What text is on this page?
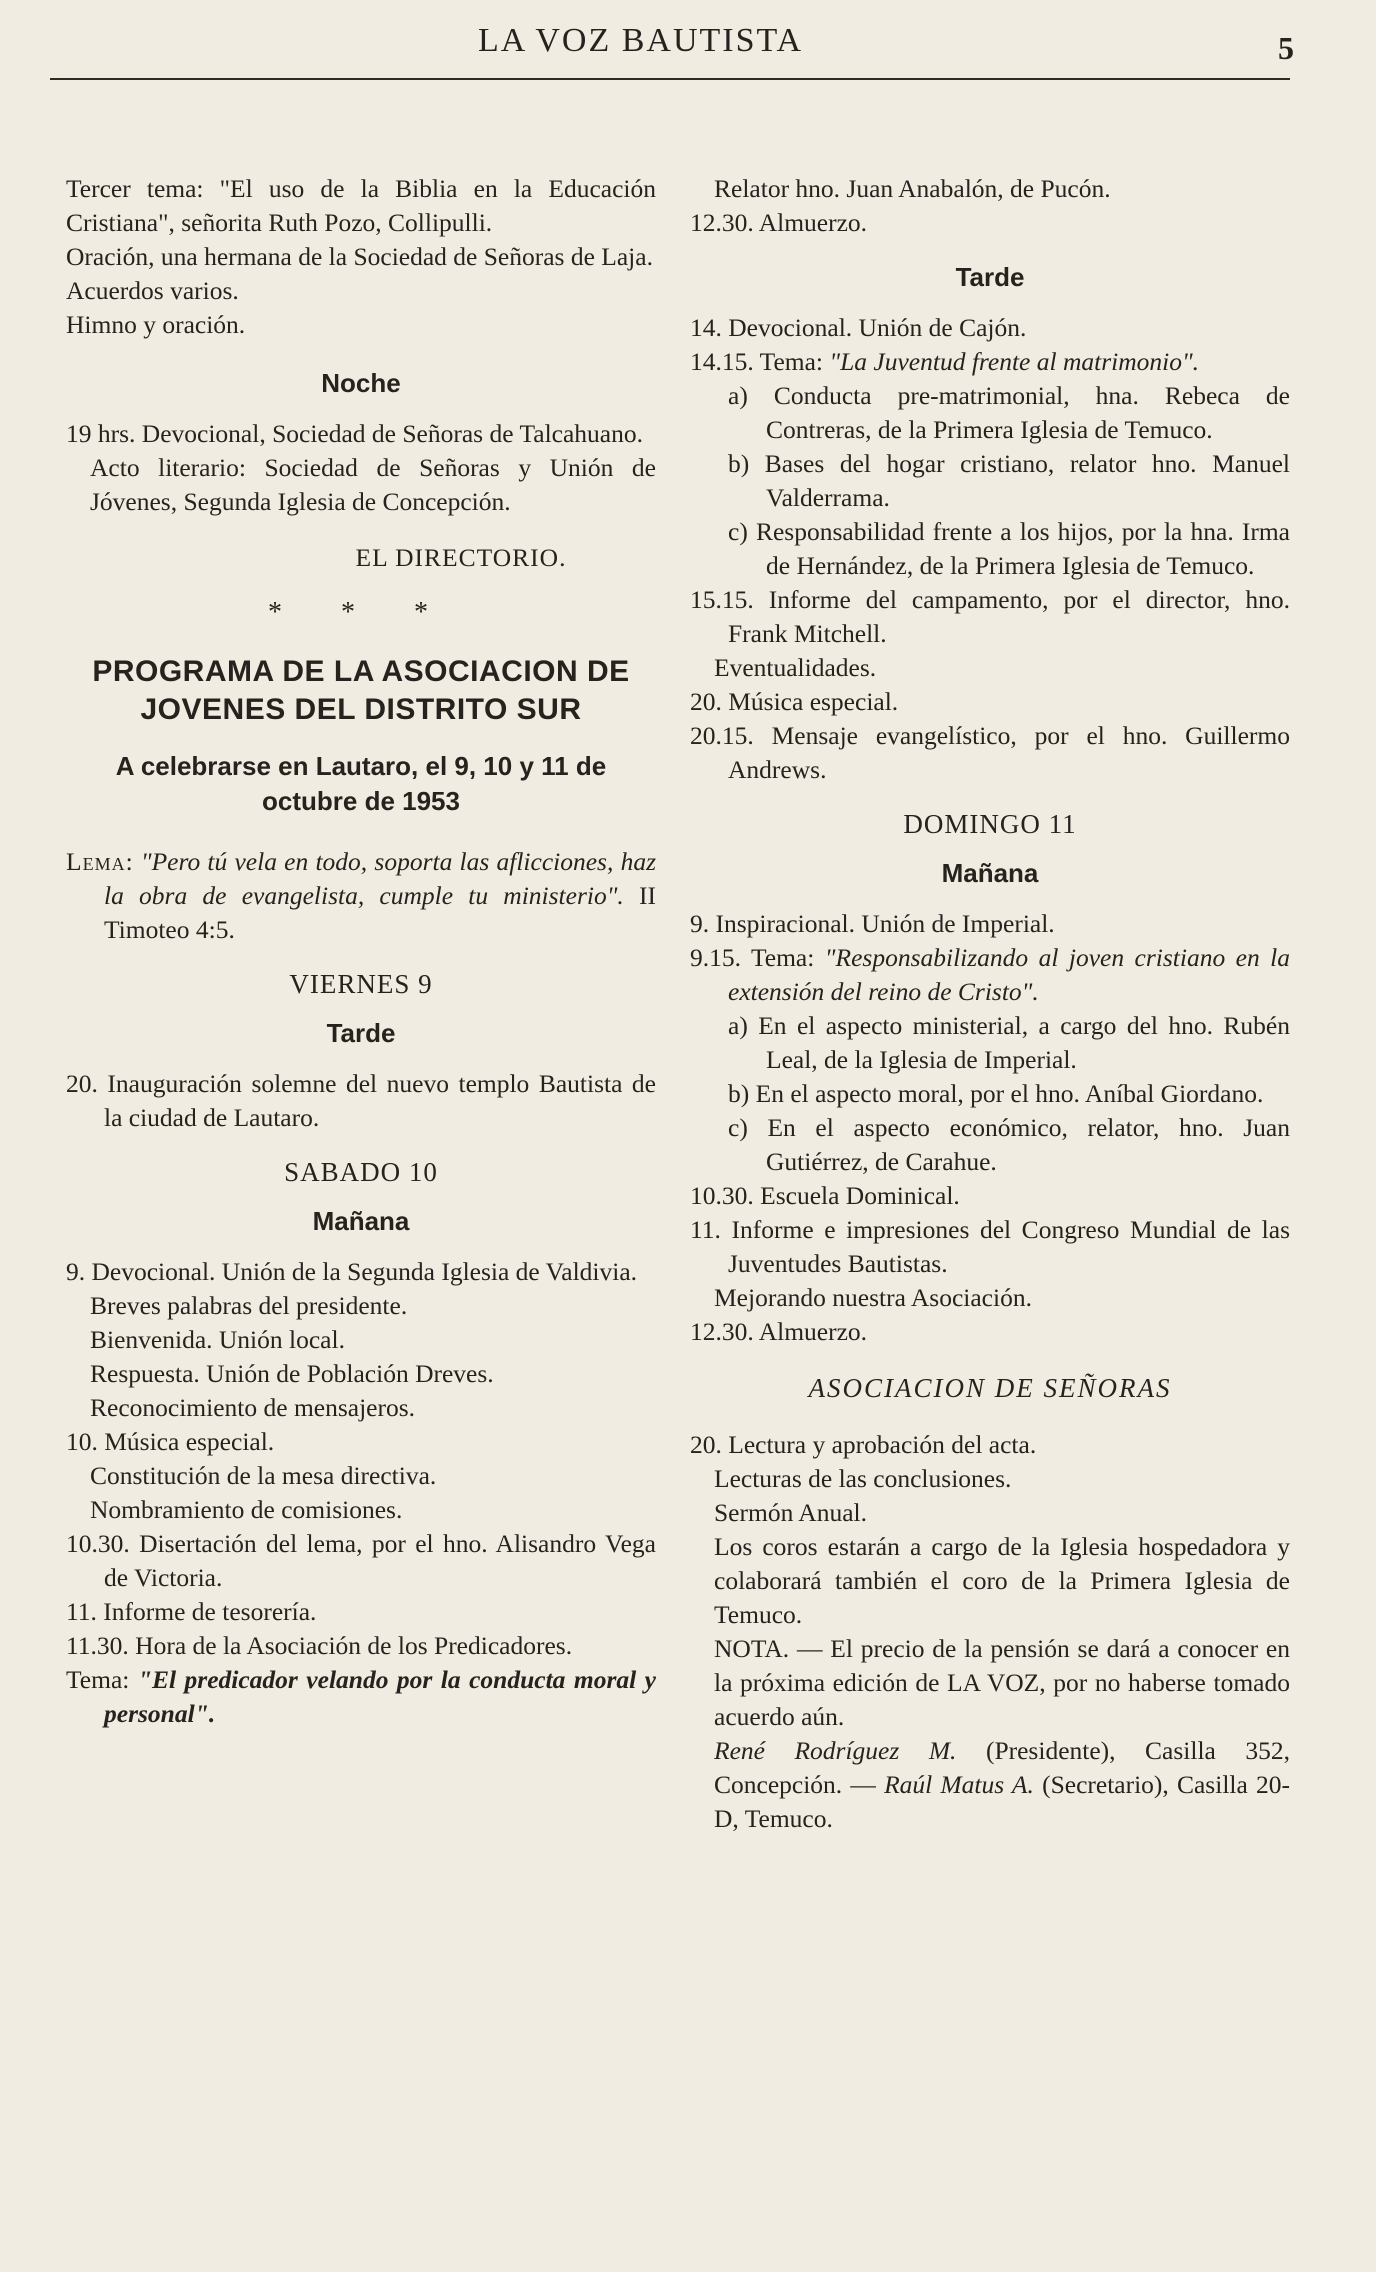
LA VOZ BAUTISTA	5

Tercer tema: "El uso de la Biblia en la Educación Cristiana", señorita Ruth Pozo, Collipulli.

Oración, una hermana de la Sociedad de Señoras de Laja.

Acuerdos varios.

Himno y oración.

Noche

19 hrs. Devocional, Sociedad de Señoras de Talcahuano.

Acto literario: Sociedad de Señoras y Unión de Jóvenes, Segunda Iglesia de Concepción.

EL DIRECTORIO.

* * *

PROGRAMA DE LA ASOCIACION DE JOVENES DEL DISTRITO SUR

A celebrarse en Lautaro, el 9, 10 y 11 de octubre de 1953

Lema: "Pero tú vela en todo, soporta las aflicciones, haz la obra de evangelista, cumple tu ministerio". II Timoteo 4:5.

VIERNES 9

Tarde

20. Inauguración solemne del nuevo templo Bautista de la ciudad de Lautaro.

SABADO 10

Mañana

9. Devocional. Unión de la Segunda Iglesia de Valdivia.

Breves palabras del presidente.

Bienvenida. Unión local.

Respuesta. Unión de Población Dreves.

Reconocimiento de mensajeros.

10. Música especial.

Constitución de la mesa directiva.

Nombramiento de comisiones.

10.30. Disertación del lema, por el hno. Alisandro Vega de Victoria.

11. Informe de tesorería.

11.30. Hora de la Asociación de los Predicadores.

Tema: "El predicador velando por la conducta moral y personal".

Relator hno. Juan Anabalón, de Pucón.

12.30. Almuerzo.

Tarde

14. Devocional. Unión de Cajón.

14.15. Tema: "La Juventud frente al matrimonio".

a) Conducta pre-matrimonial, hna. Rebeca de Contreras, de la Primera Iglesia de Temuco.

b) Bases del hogar cristiano, relator hno. Manuel Valderrama.

c) Responsabilidad frente a los hijos, por la hna. Irma de Hernández, de la Primera Iglesia de Temuco.

15.15. Informe del campamento, por el director, hno. Frank Mitchell.

Eventualidades.

20. Música especial.

20.15. Mensaje evangelístico, por el hno. Guillermo Andrews.

DOMINGO 11

Mañana

9. Inspiracional. Unión de Imperial.

9.15. Tema: "Responsabilizando al joven cristiano en la extensión del reino de Cristo".

a) En el aspecto ministerial, a cargo del hno. Rubén Leal, de la Iglesia de Imperial.

b) En el aspecto moral, por el hno. Aníbal Giordano.

c) En el aspecto económico, relator, hno. Juan Gutiérrez, de Carahue.

10.30. Escuela Dominical.

11. Informe e impresiones del Congreso Mundial de las Juventudes Bautistas.

Mejorando nuestra Asociación.

12.30. Almuerzo.

ASOCIACION DE SEÑORAS

20. Lectura y aprobación del acta.

Lecturas de las conclusiones.

Sermón Anual.

Los coros estarán a cargo de la Iglesia hospedadora y colaborará también el coro de la Primera Iglesia de Temuco.

NOTA. — El precio de la pensión se dará a conocer en la próxima edición de LA VOZ, por no haberse tomado acuerdo aún.

René Rodríguez M. (Presidente), Casilla 352, Concepción. — Raúl Matus A. (Secretario), Casilla 20-D, Temuco.
